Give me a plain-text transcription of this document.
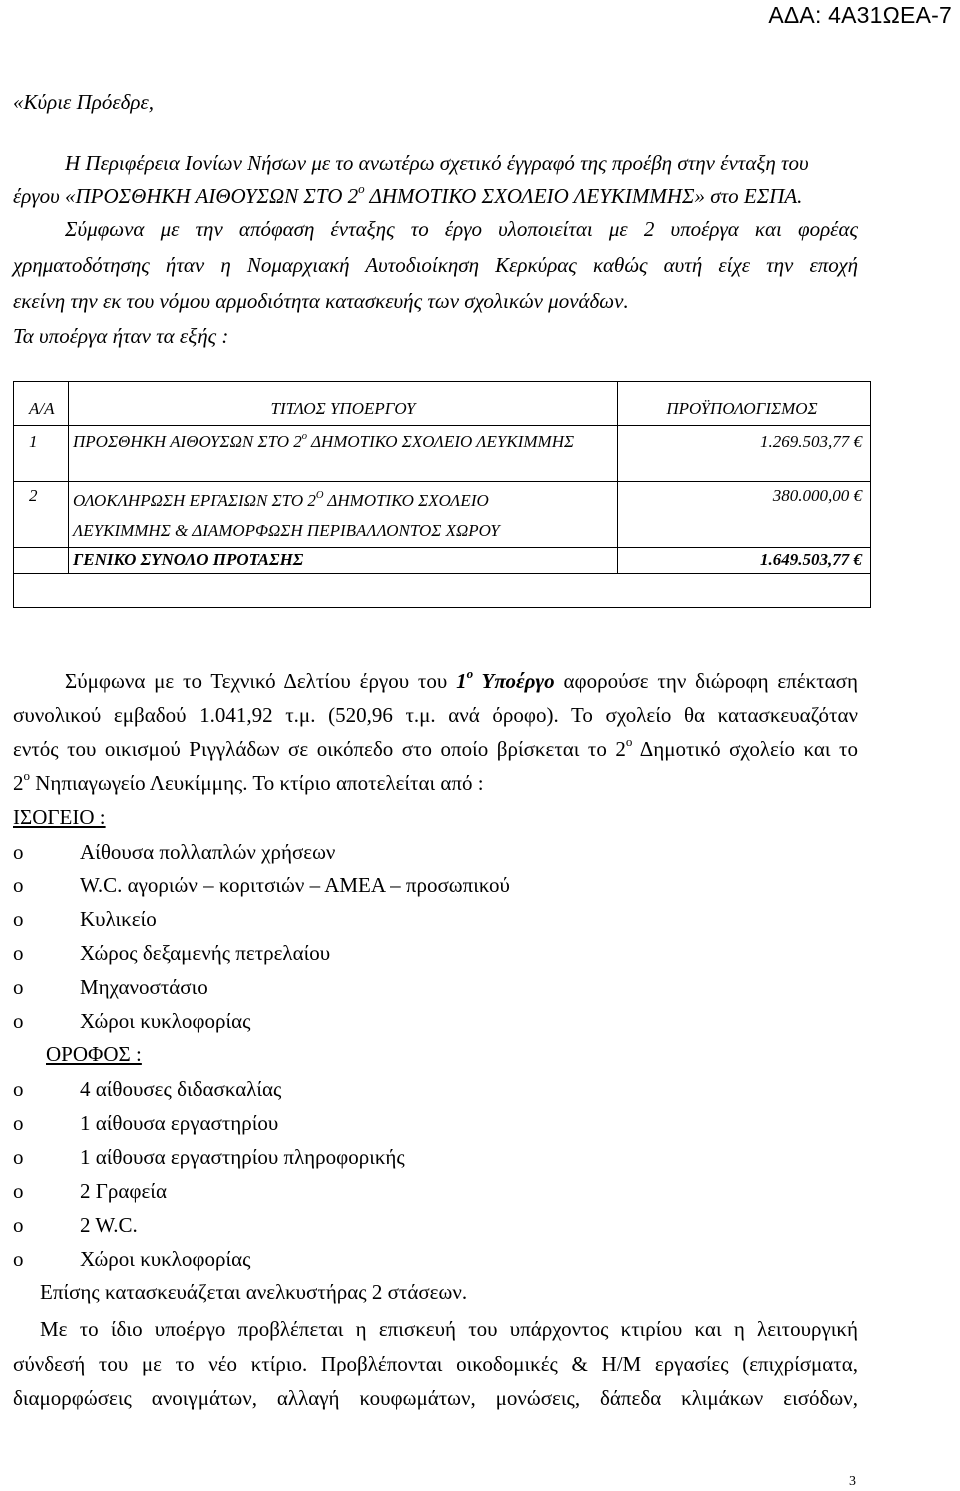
ΑΔΑ: 4Α31ΩΕΑ-7
«Κύριε Πρόεδρε,
Η Περιφέρεια Ιονίων Νήσων με το ανωτέρω σχετικό έγγραφό της προέβη στην ένταξη του
έργου «ΠΡΟΣΘΗΚΗ ΑΙΘΟΥΣΩΝ ΣΤΟ $2^o$ ΔΗΜΟΤΙΚΟ ΣΧΟΛΕΙΟ ΛΕΥΚΙΜΜΗΣ» στο ΕΣΠΑ.
Σύμφωνα με την απόφαση ένταξης το έργο υλοποιείται με 2 υποέργα και φορέας
χρηματοδότησης ήταν η Νομαρχιακή Αυτοδιοίκηση Κερκύρας καθώς αυτή είχε την εποχή
εκείνη την εκ του νόμου αρμοδιότητα κατασκευής των σχολικών μονάδων.
Τα υποέργα ήταν τα εξής :
Α/Α	ΤΙΤΛΟΣ ΥΠΟΕΡΓΟΥ	ΠΡΟΫΠΟΛΟΓΙΣΜΟΣ
1	ΠΡΟΣΘΗΚΗ ΑΙΘΟΥΣΩΝ ΣΤΟ $2^o$ ΔΗΜΟΤΙΚΟ ΣΧΟΛΕΙΟ ΛΕΥΚΙΜΜΗΣ	1.269.503,77 €
2	ΟΛΟΚΛΗΡΩΣΗ ΕΡΓΑΣΙΩΝ ΣΤΟ $2^O$ ΔΗΜΟΤΙΚΟ ΣΧΟΛΕΙΟ
ΛΕΥΚΙΜΜΗΣ & ΔΙΑΜΟΡΦΩΣΗ ΠΕΡΙΒΑΛΛΟΝΤΟΣ ΧΩΡΟΥ	380.000,00 €
	ΓΕΝΙΚΟ ΣΥΝΟΛΟ ΠΡΟΤΑΣΗΣ	1.649.503,77 €

Σύμφωνα με το Τεχνικό Δελτίου έργου του $1^o$ Υποέργο αφορούσε την διώροφη επέκταση
συνολικού εμβαδού 1.041,92 τ.μ. (520,96 τ.μ. ανά όροφο). Το σχολείο θα κατασκευαζόταν
εντός του οικισμού Ριγγλάδων σε οικόπεδο στο οποίο βρίσκεται το $2^o$ Δημοτικό σχολείο και το
$2^o$ Νηπιαγωγείο Λευκίμμης. Το κτίριο αποτελείται από :
ΙΣΟΓΕΙΟ :
o	Αίθουσα πολλαπλών χρήσεων
o	W.C. αγοριών – κοριτσιών – ΑΜΕΑ – προσωπικού
o	Κυλικείο
o	Χώρος δεξαμενής πετρελαίου
o	Μηχανοστάσιο
o	Χώροι κυκλοφορίας
ΟΡΟΦΟΣ :
o	4 αίθουσες διδασκαλίας
o	1 αίθουσα εργαστηρίου
o	1 αίθουσα εργαστηρίου πληροφορικής
o	2 Γραφεία
o	2 W.C.
o	Χώροι κυκλοφορίας
Επίσης κατασκευάζεται ανελκυστήρας 2 στάσεων.
Με το ίδιο υποέργο προβλέπεται η επισκευή του υπάρχοντος κτιρίου και η λειτουργική
σύνδεσή του με το νέο κτίριο. Προβλέπονται οικοδομικές & Η/Μ εργασίες (επιχρίσματα,
διαμορφώσεις ανοιγμάτων, αλλαγή κουφωμάτων, μονώσεις, δάπεδα κλιμάκων εισόδων,
3
